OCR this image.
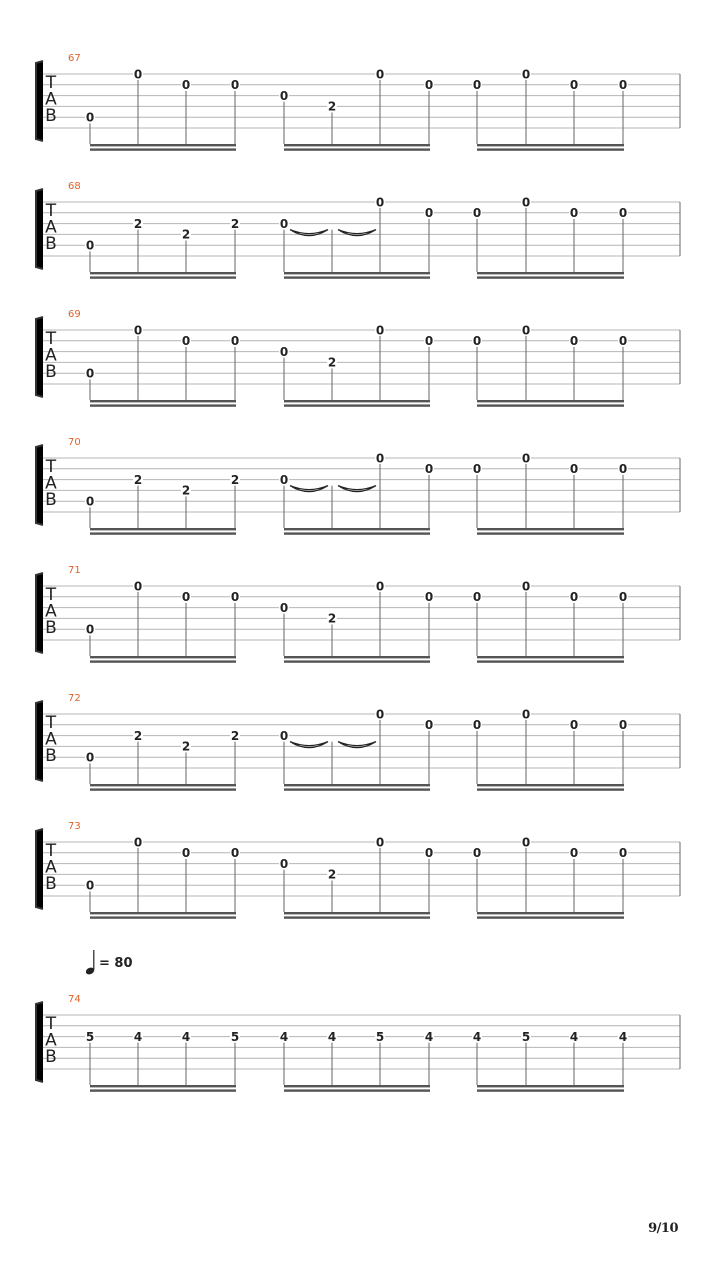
T
A
B
67
0
0
0	0
0
2
0
0	0
0
0	0
T
A
B
68
0
2
2
2	0
0
0	0
0
0	0
T
A
B
69
0
0
0	0
0
2
0
0	0
0
0	0
T
A
B
70
0
2
2
2	0
0
0	0
0
0	0
T
A
B
71
0
0
0	0
0
2
0
0	0
0
0	0
T
A
B
72
0
2
2
2	0
0
0	0
0
0	0
T
A
B
73
0
0
0	0
0
2
0
0	0
0
0	0
T
A
B
74
= 80
5	4	4	5	4	4	5	4	4	5	4	4
9/10
